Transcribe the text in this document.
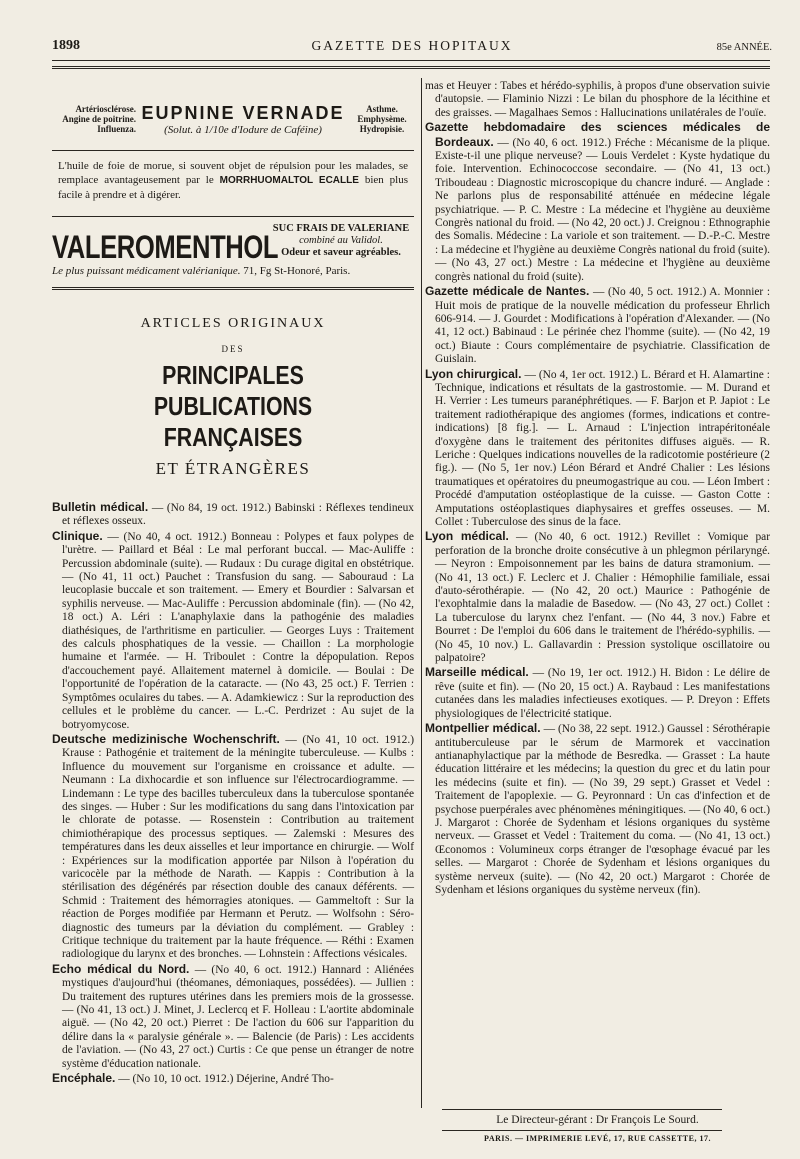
1898	GAZETTE DES HOPITAUX	85e ANNÉE.
Artériosclérose.
Angine de poitrine.
Influenza.
EUPNINE VERNADE
(Solut. à 1/10e d'Iodure de Caféine)
Asthme.
Emphysème.
Hydropisie.
L'huile de foie de morue, si souvent objet de répulsion pour les malades, se remplace avantageusement par le MORRHUOMALTOL ECALLE bien plus facile à prendre et à digérer.
VALEROMENTHOL
SUC FRAIS DE VALERIANE
combiné au Validol.
Odeur et saveur agréables.
Le plus puissant médicament valérianique. 71, Fg St-Honoré, Paris.
ARTICLES ORIGINAUX
DES
PRINCIPALES PUBLICATIONS FRANÇAISES
ET ÉTRANGÈRES

Bulletin médical. — (No 84, 19 oct. 1912.) Babinski : Réflexes tendineux et réflexes osseux.

Clinique. — (No 40, 4 oct. 1912.) Bonneau : Polypes et faux polypes de l'urètre. — Paillard et Béal : Le mal perforant buccal. — Mac-Auliffe : Percussion abdominale (suite). — Rudaux : Du curage digital en obstétrique. — (No 41, 11 oct.) Pauchet : Transfusion du sang. — Sabouraud : La leucoplasie buccale et son traitement. — Emery et Bourdier : Salvarsan et syphilis nerveuse. — Mac-Auliffe : Percussion abdominale (fin). — (No 42, 18 oct.) A. Léri : L'anaphylaxie dans la pathogénie des maladies diathésiques, de l'arthritisme en particulier. — Georges Luys : Traitement des calculs phosphatiques de la vessie. — Chaillon : La morphologie humaine et l'armée. — H. Triboulet : Contre la dépopulation. Repos d'accouchement payé. Allaitement maternel à domicile. — Boulai : De l'opportunité de l'opération de la cataracte. — (No 43, 25 oct.) F. Terrien : Symptômes oculaires du tabes. — A. Adamkiewicz : Sur la reproduction des cellules et le problème du cancer. — L.-C. Perdrizet : Au sujet de la botryomycose.

Deutsche medizinische Wochenschrift. — (No 41, 10 oct. 1912.) Krause : Pathogénie et traitement de la méningite tuberculeuse. — Kulbs : Influence du mouvement sur l'organisme en croissance et adulte. — Neumann : La dixhocardie et son influence sur l'électrocardiogramme. — Lindemann : Le type des bacilles tuberculeux dans la tuberculose spontanée des singes. — Huber : Sur les modifications du sang dans l'intoxication par le chlorate de potasse. — Rosenstein : Contribution au traitement chimiothérapique des processus septiques. — Zalemski : Mesures des températures dans les deux aisselles et leur importance en chirurgie. — Wolf : Expériences sur la modification apportée par Nilson à l'opération du varicocèle par la méthode de Narath. — Kappis : Contribution à la stérilisation des dégénérés par résection double des canaux déférents. — Schmid : Traitement des hémorragies atoniques. — Gammeltoft : Sur la réaction de Porges modifiée par Hermann et Perutz. — Wolfsohn : Séro-diagnostic des tumeurs par la déviation du complément. — Grabley : Critique technique du traitement par la haute fréquence. — Réthi : Examen radiologique du larynx et des bronches. — Lohnstein : Affections vésicales.

Echo médical du Nord. — (No 40, 6 oct. 1912.) Hannard : Aliénées mystiques d'aujourd'hui (théomanes, démoniaques, possédées). — Jullien : Du traitement des ruptures utérines dans les premiers mois de la grossesse. — (No 41, 13 oct.) J. Minet, J. Leclercq et F. Holleau : L'aortite abdominale aiguë. — (No 42, 20 oct.) Pierret : De l'action du 606 sur l'apparition du délire dans la « paralysie générale ». — Balencie (de Paris) : Les accidents de l'aviation. — (No 43, 27 oct.) Curtis : Ce que pense un étranger de notre système d'éducation nationale.

Encéphale. — (No 10, 10 oct. 1912.) Déjerine, André Tho-

mas et Heuyer : Tabes et hérédo-syphilis, à propos d'une observation suivie d'autopsie. — Flaminio Nizzi : Le bilan du phosphore de la lécithine et des graisses. — Magalhaes Semos : Hallucinations unilatérales de l'ouïe.

Gazette hebdomadaire des sciences médicales de Bordeaux. — (No 40, 6 oct. 1912.) Fréche : Mécanisme de la plique. Existe-t-il une plique nerveuse? — Louis Verdelet : Kyste hydatique du foie. Intervention. Echinococcose secondaire. — (No 41, 13 oct.) Triboudeau : Diagnostic microscopique du chancre induré. — Anglade : Ne parlons plus de responsabilité atténuée en médecine légale psychiatrique. — P. C. Mestre : La médecine et l'hygiène au deuxième Congrès national du froid. — (No 42, 20 oct.) J. Creignou : Ethnographie des Somalis. Médecine : La variole et son traitement. — D.-P.-C. Mestre : La médecine et l'hygiène au deuxième Congrès national du froid (suite). — (No 43, 27 oct.) Mestre : La médecine et l'hygiène au deuxième congrès national du froid (suite).

Gazette médicale de Nantes. — (No 40, 5 oct. 1912.) A. Monnier : Huit mois de pratique de la nouvelle médication du professeur Ehrlich 606-914. — J. Gourdet : Modifications à l'opération d'Alexander. — (No 41, 12 oct.) Babinaud : Le périnée chez l'homme (suite). — (No 42, 19 oct.) Biaute : Cours complémentaire de psychiatrie. Classification de Guislain.

Lyon chirurgical. — (No 4, 1er oct. 1912.) L. Bérard et H. Alamartine : Technique, indications et résultats de la gastrostomie. — M. Durand et H. Verrier : Les tumeurs paranéphrétiques. — F. Barjon et P. Japiot : Le traitement radiothérapique des angiomes (formes, indications et contre-indications) [8 fig.]. — L. Arnaud : L'injection intrapéritonéale d'oxygène dans le traitement des péritonites diffuses aiguës. — R. Leriche : Quelques indications nouvelles de la radicotomie postérieure (2 fig.). — (No 5, 1er nov.) Léon Bérard et André Chalier : Les lésions traumatiques et opératoires du pneumogastrique au cou. — Léon Imbert : Procédé d'amputation ostéoplastique de la cuisse. — Gaston Cotte : Amputations ostéoplastiques diaphysaires et greffes osseuses. — M. Collet : Tuberculose des sinus de la face.

Lyon médical. — (No 40, 6 oct. 1912.) Revillet : Vomique par perforation de la bronche droite consécutive à un phlegmon périlaryngé. — Neyron : Empoisonnement par les bains de datura stramonium. — (No 41, 13 oct.) F. Leclerc et J. Chalier : Hémophilie familiale, essai d'auto-sérothérapie. — (No 42, 20 oct.) Maurice : Pathogénie de l'exophtalmie dans la maladie de Basedow. — (No 43, 27 oct.) Collet : La tuberculose du larynx chez l'enfant. — (No 44, 3 nov.) Fabre et Bourret : De l'emploi du 606 dans le traitement de l'hérédo-syphilis. — (No 45, 10 nov.) L. Gallavardin : Pression systolique oscillatoire ou palpatoire?

Marseille médical. — (No 19, 1er oct. 1912.) H. Bidon : Le délire de rêve (suite et fin). — (No 20, 15 oct.) A. Raybaud : Les manifestations cutanées dans les maladies infectieuses exotiques. — P. Dreyon : Effets physiologiques de l'électricité statique.

Montpellier médical. — (No 38, 22 sept. 1912.) Gaussel : Sérothérapie antituberculeuse par le sérum de Marmorek et vaccination antianaphylactique par la méthode de Besredka. — Grasset : La haute éducation littéraire et les médecins; la question du grec et du latin pour les médecins (suite et fin). — (No 39, 29 sept.) Grasset et Vedel : Traitement de l'apoplexie. — G. Peyronnard : Un cas d'infection et de psychose puerpérales avec phénomènes méningitiques. — (No 40, 6 oct.) J. Margarot : Chorée de Sydenham et lésions organiques du système nerveux. — Grasset et Vedel : Traitement du coma. — (No 41, 13 oct.) Œconomos : Volumineux corps étranger de l'œsophage évacué par les selles. — Margarot : Chorée de Sydenham et lésions organiques du système nerveux (suite). — (No 42, 20 oct.) Margarot : Chorée de Sydenham et lésions organiques du système nerveux (fin).

Le Directeur-gérant : Dr François Le Sourd.
PARIS. — IMPRIMERIE LEVÉ, 17, RUE CASSETTE, 17.
